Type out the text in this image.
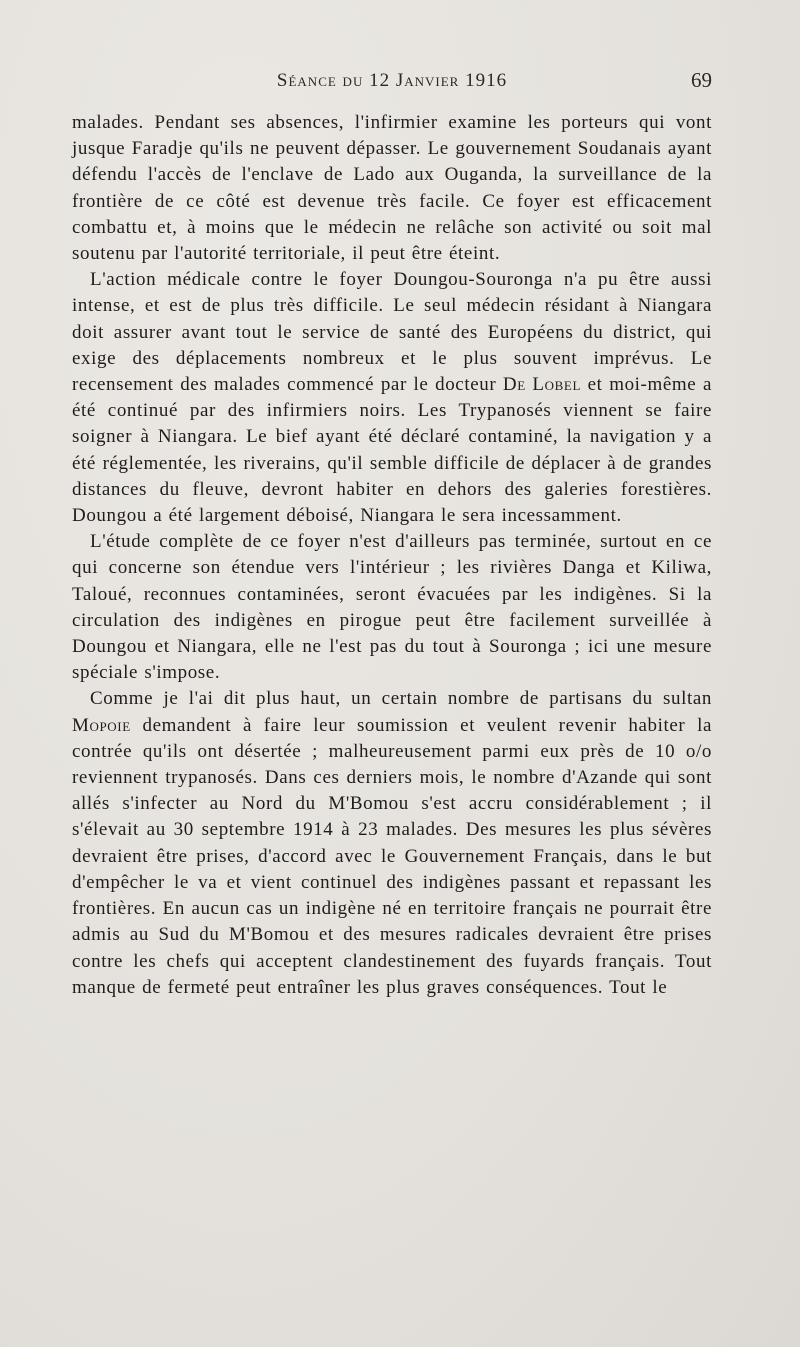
Séance du 12 Janvier 1916	69

malades. Pendant ses absences, l'infirmier examine les porteurs qui vont jusque Faradje qu'ils ne peuvent dépasser. Le gouvernement Soudanais ayant défendu l'accès de l'enclave de Lado aux Ouganda, la surveillance de la frontière de ce côté est devenue très facile. Ce foyer est efficacement combattu et, à moins que le médecin ne relâche son activité ou soit mal soutenu par l'autorité territoriale, il peut être éteint.

L'action médicale contre le foyer Doungou-Souronga n'a pu être aussi intense, et est de plus très difficile. Le seul médecin résidant à Niangara doit assurer avant tout le service de santé des Européens du district, qui exige des déplacements nombreux et le plus souvent imprévus. Le recensement des malades commencé par le docteur De Lobel et moi-même a été continué par des infirmiers noirs. Les Trypanosés viennent se faire soigner à Niangara. Le bief ayant été déclaré contaminé, la navigation y a été réglementée, les riverains, qu'il semble difficile de déplacer à de grandes distances du fleuve, devront habiter en dehors des galeries forestières. Doungou a été largement déboisé, Niangara le sera incessamment.

L'étude complète de ce foyer n'est d'ailleurs pas terminée, surtout en ce qui concerne son étendue vers l'intérieur ; les rivières Danga et Kiliwa, Taloué, reconnues contaminées, seront évacuées par les indigènes. Si la circulation des indigènes en pirogue peut être facilement surveillée à Doungou et Niangara, elle ne l'est pas du tout à Souronga ; ici une mesure spéciale s'impose.

Comme je l'ai dit plus haut, un certain nombre de partisans du sultan Mopoie demandent à faire leur soumission et veulent revenir habiter la contrée qu'ils ont désertée ; malheureusement parmi eux près de 10 o/o reviennent trypanosés. Dans ces derniers mois, le nombre d'Azande qui sont allés s'infecter au Nord du M'Bomou s'est accru considérablement ; il s'élevait au 30 septembre 1914 à 23 malades. Des mesures les plus sévères devraient être prises, d'accord avec le Gouvernement Français, dans le but d'empêcher le va et vient continuel des indigènes passant et repassant les frontières. En aucun cas un indigène né en territoire français ne pourrait être admis au Sud du M'Bomou et des mesures radicales devraient être prises contre les chefs qui acceptent clandestinement des fuyards français. Tout manque de fermeté peut entraîner les plus graves conséquences. Tout le
